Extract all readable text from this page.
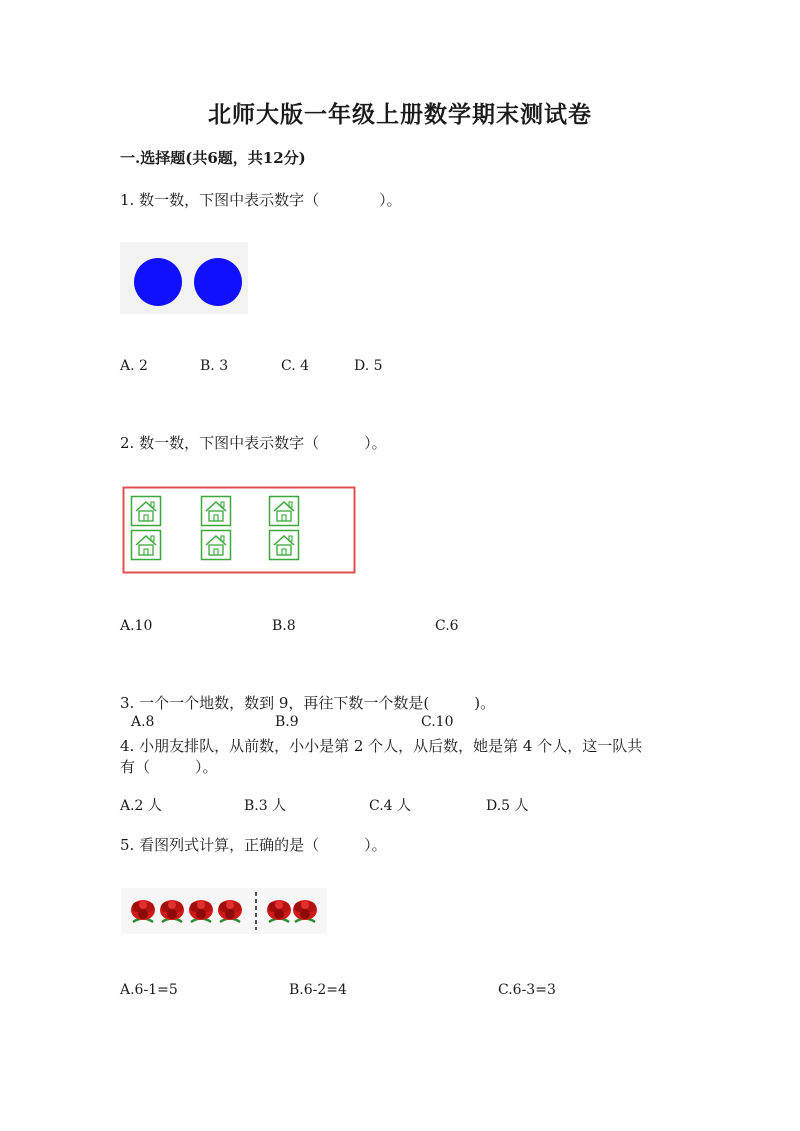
北师大版一年级上册数学期末测试卷
一.选择题(共6题，共12分)
1. 数一数，下图中表示数字（　　　　）。
A. 2	B. 3	C. 4	D. 5
2. 数一数，下图中表示数字（　　　）。
A.10	B.8	C.6
3. 一个一个地数，数到 9，再往下数一个数是(　　　)。
A.8	B.9	C.10
4. 小朋友排队，从前数，小小是第 2 个人，从后数，她是第 4 个人，这一队共
有（　　　）。
A.2 人	B.3 人	C.4 人	D.5 人
5. 看图列式计算，正确的是（　　　）。
A.6-1=5	B.6-2=4	C.6-3=3
